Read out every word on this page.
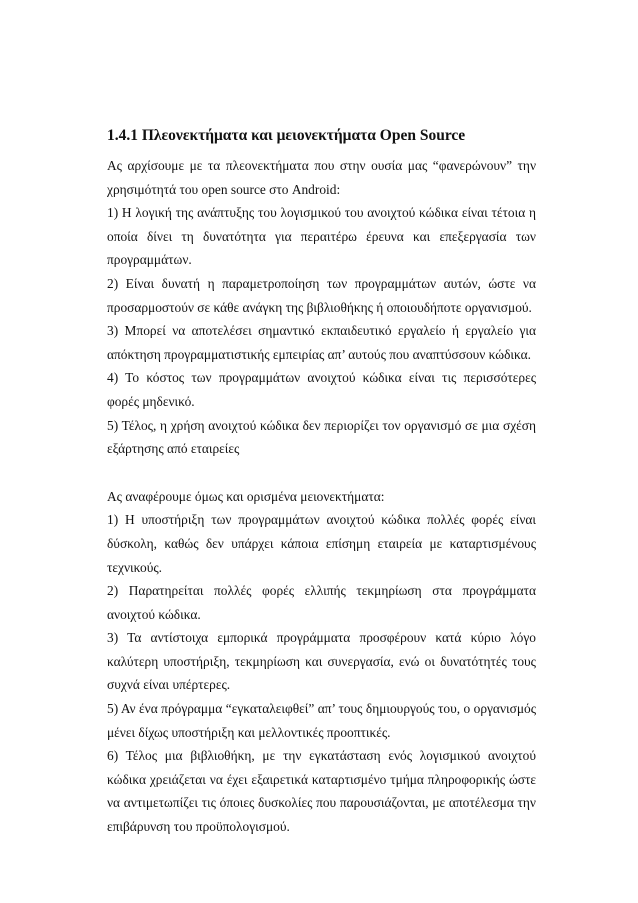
1.4.1 Πλεονεκτήματα και μειονεκτήματα Open Source

Ας αρχίσουμε με τα πλεονεκτήματα που στην ουσία μας “φανερώνουν” την χρησιμότητά του open source στο Android:

1) Η λογική της ανάπτυξης του λογισμικού του ανοιχτού κώδικα είναι τέτοια η οποία δίνει τη δυνατότητα για περαιτέρω έρευνα και επεξεργασία των προγραμμάτων.

2) Είναι δυνατή η παραμετροποίηση των προγραμμάτων αυτών, ώστε να προσαρμοστούν σε κάθε ανάγκη της βιβλιοθήκης ή οποιουδήποτε οργανισμού.

3) Μπορεί να αποτελέσει σημαντικό εκπαιδευτικό εργαλείο ή εργαλείο για απόκτηση προγραμματιστικής εμπειρίας απ’ αυτούς που αναπτύσσουν κώδικα.

4) Το κόστος των προγραμμάτων ανοιχτού κώδικα είναι τις περισσότερες φορές μηδενικό.

5) Τέλος, η χρήση ανοιχτού κώδικα δεν περιορίζει τον οργανισμό σε μια σχέση εξάρτησης από εταιρείες

Ας αναφέρουμε όμως και ορισμένα μειονεκτήματα:

1) Η υποστήριξη των προγραμμάτων ανοιχτού κώδικα πολλές φορές είναι δύσκολη, καθώς δεν υπάρχει κάποια επίσημη εταιρεία με καταρτισμένους τεχνικούς.

2) Παρατηρείται πολλές φορές ελλιπής τεκμηρίωση στα προγράμματα ανοιχτού κώδικα.

3) Τα αντίστοιχα εμπορικά προγράμματα προσφέρουν κατά κύριο λόγο καλύτερη υποστήριξη, τεκμηρίωση και συνεργασία, ενώ οι δυνατότητές τους συχνά είναι υπέρτερες.

5) Αν ένα πρόγραμμα “εγκαταλειφθεί” απ’ τους δημιουργούς του, ο οργανισμός μένει δίχως υποστήριξη και μελλοντικές προοπτικές.

6) Τέλος μια βιβλιοθήκη, με την εγκατάσταση ενός λογισμικού ανοιχτού κώδικα χρειάζεται να έχει εξαιρετικά καταρτισμένο τμήμα πληροφορικής ώστε να αντιμετωπίζει τις όποιες δυσκολίες που παρουσιάζονται, με αποτέλεσμα την επιβάρυνση του προϋπολογισμού.
